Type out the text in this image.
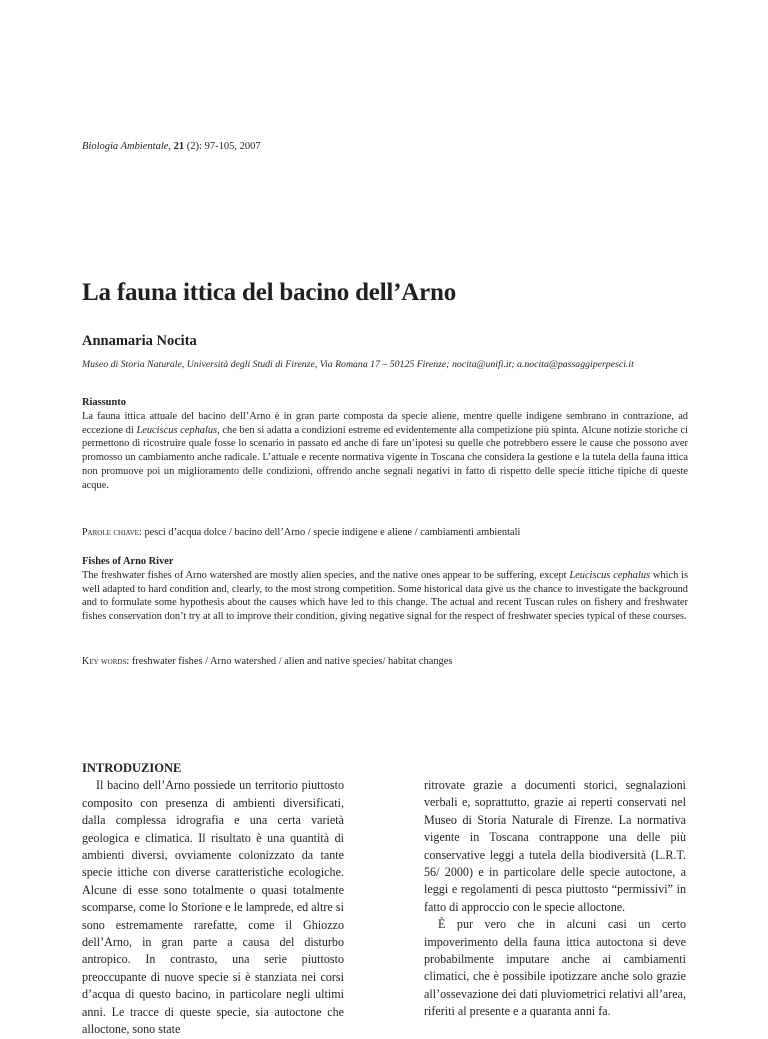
Biologia Ambientale, 21 (2): 97-105, 2007
La fauna ittica del bacino dell’Arno
Annamaria Nocita
Museo di Storia Naturale, Università degli Studi di Firenze, Via Romana 17 – 50125 Firenze; nocita@unifi.it; a.nocita@passaggiperpesci.it

Riassunto

La fauna ittica attuale del bacino dell’Arno è in gran parte composta da specie aliene, mentre quelle indigene sembrano in contrazione, ad eccezione di Leuciscus cephalus, che ben si adatta a condizioni estreme ed evidentemente alla competizione più spinta. Alcune notizie storiche ci permettono di ricostruire quale fosse lo scenario in passato ed anche di fare un’ipotesi su quelle che potrebbero essere le cause che possono aver promosso un cambiamento anche radicale. L’attuale e recente normativa vigente in Toscana che considera la gestione e la tutela della fauna ittica non promuove poi un miglioramento delle condizioni, offrendo anche segnali negativi in fatto di rispetto delle specie ittiche tipiche di queste acque.

Parole chiave: pesci d’acqua dolce / bacino dell’Arno / specie indigene e aliene / cambiamenti ambientali

Fishes of Arno River

The freshwater fishes of Arno watershed are mostly alien species, and the native ones appear to be suffering, except Leuciscus cephalus which is well adapted to hard condition and, clearly, to the most strong competition. Some historical data give us the chance to investigate the background and to formulate some hypothesis about the causes which have led to this change. The actual and recent Tuscan rules on fishery and freshwater fishes conservation don’t try at all to improve their condition, giving negative signal for the respect of freshwater species typical of these courses.

Key words: freshwater fishes / Arno watershed / alien and native species/ habitat changes

INTRODUZIONE

Il bacino dell’Arno possiede un territorio piuttosto composito con presenza di ambienti diversificati, dalla complessa idrografia e una certa varietà geologica e climatica. Il risultato è una quantità di ambienti diversi, ovviamente colonizzato da tante specie ittiche con diverse caratteristiche ecologiche. Alcune di esse sono totalmente o quasi totalmente scomparse, come lo Storione e le lamprede, ed altre si sono estremamente rarefatte, come il Ghiozzo dell’Arno, in gran parte a causa del disturbo antropico. In contrasto, una serie piuttosto preoccupante di nuove specie si è stanziata nei corsi d’acqua di questo bacino, in particolare negli ultimi anni. Le tracce di queste specie, sia autoctone che alloctone, sono state

ritrovate grazie a documenti storici, segnalazioni verbali e, soprattutto, grazie ai reperti conservati nel Museo di Storia Naturale di Firenze. La normativa vigente in Toscana contrappone una delle più conservative leggi a tutela della biodiversità (L.R.T. 56/ 2000) e in particolare delle specie autoctone, a leggi e regolamenti di pesca piuttosto “permissivi” in fatto di approccio con le specie alloctone.

È pur vero che in alcuni casi un certo impoverimento della fauna ittica autoctona si deve probabilmente imputare anche ai cambiamenti climatici, che è possibile ipotizzare anche solo grazie all’ossevazione dei dati pluviometrici relativi all’area, riferiti al presente e a quaranta anni fa.
